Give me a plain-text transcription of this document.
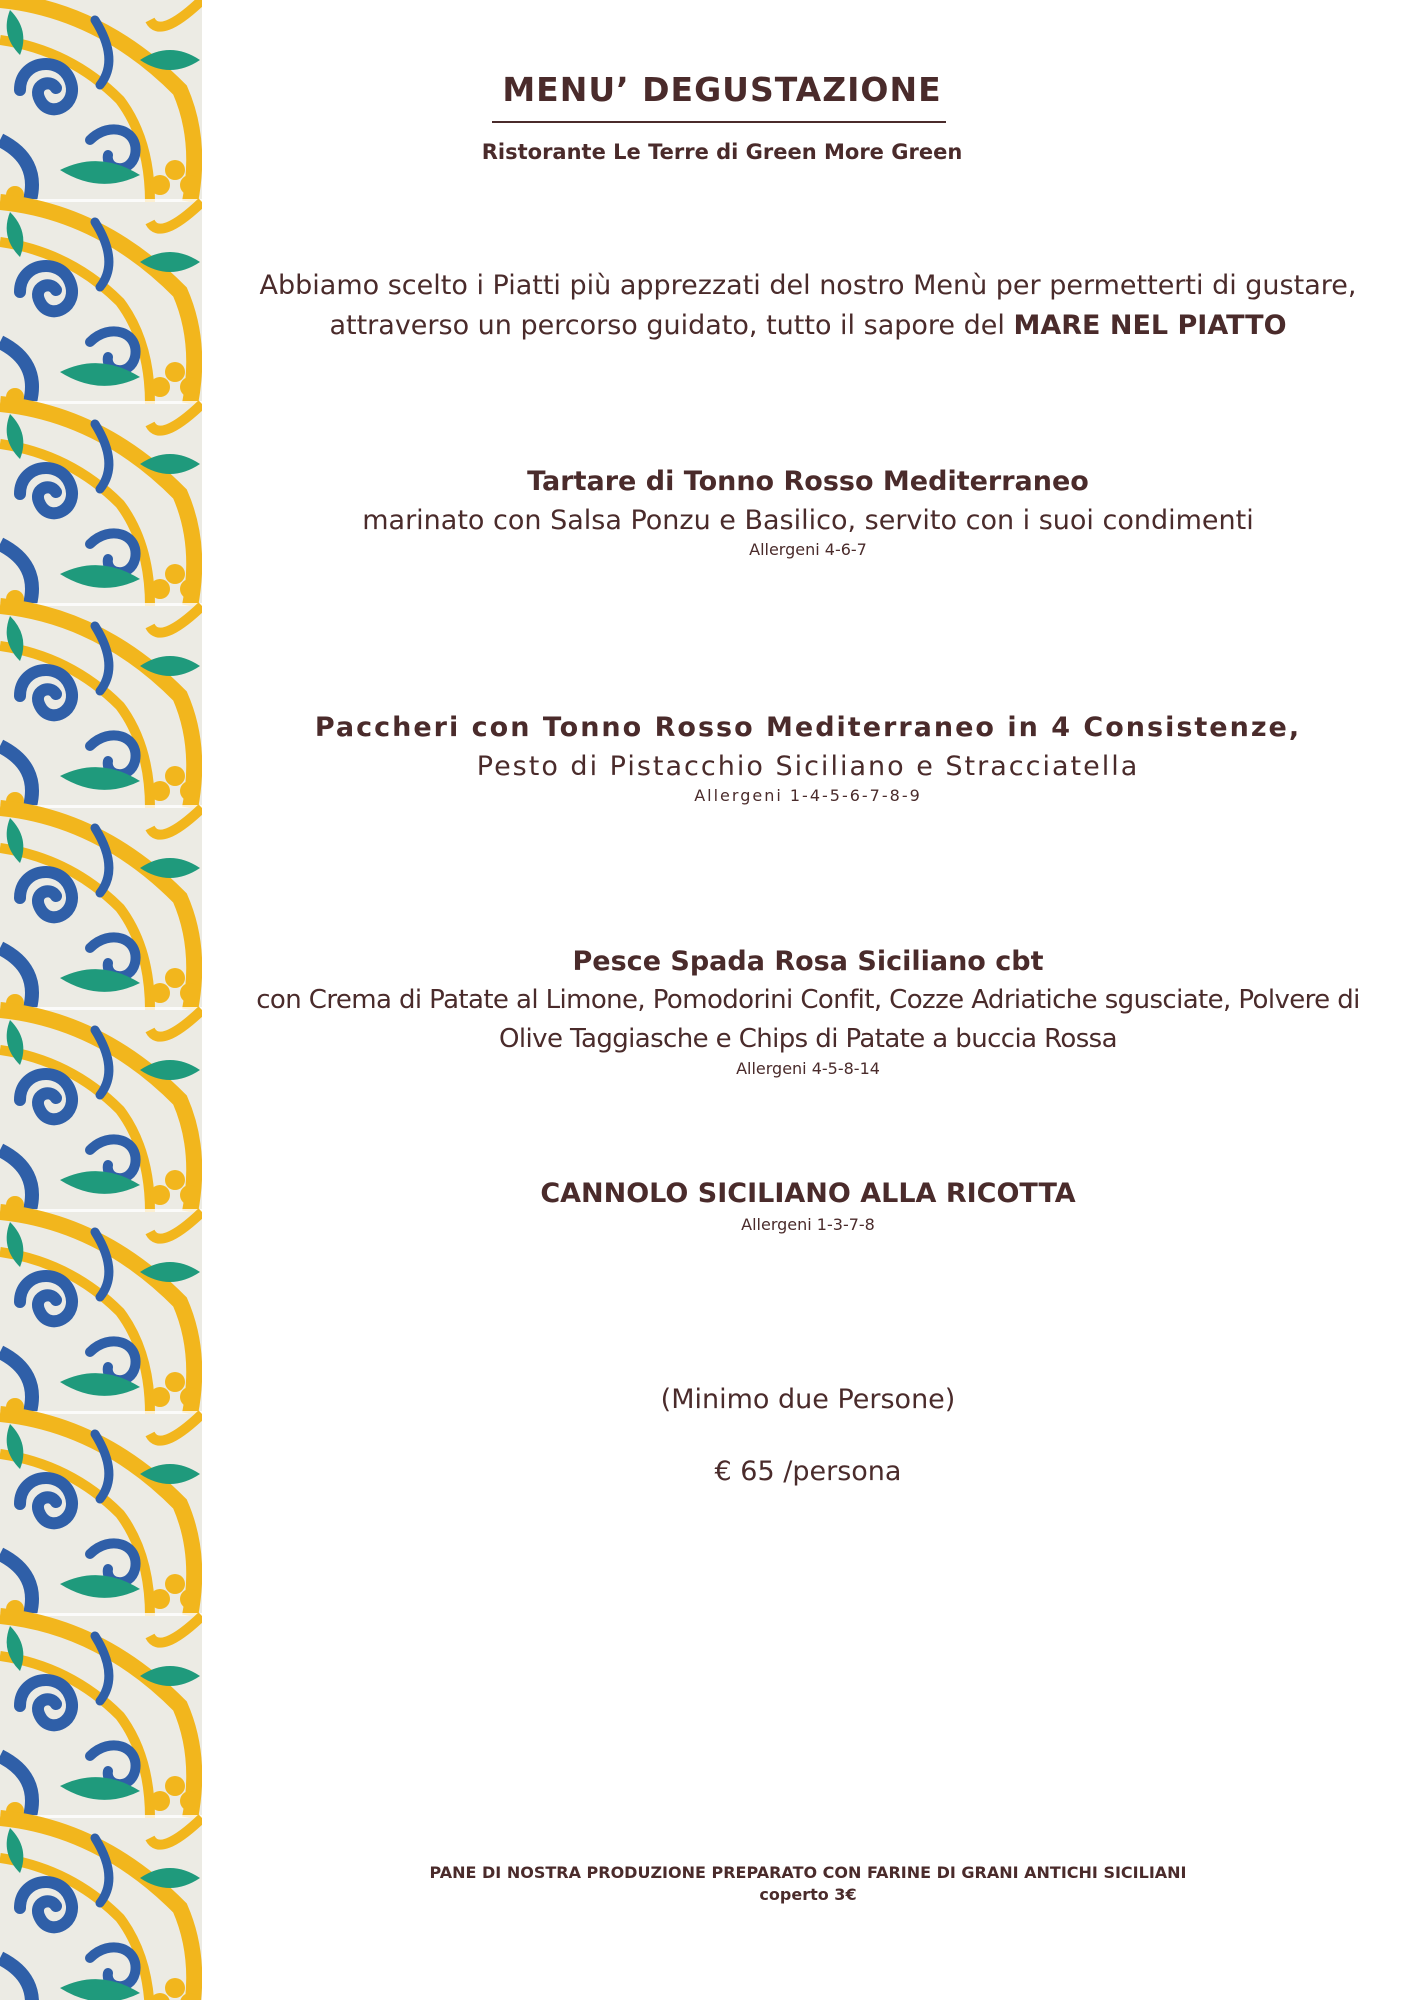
MENU’ DEGUSTAZIONE
Ristorante Le Terre di Green More Green
Abbiamo scelto i Piatti più apprezzati del nostro Menù per permetterti di gustare,
attraverso un percorso guidato, tutto il sapore del MARE NEL PIATTO
Tartare di Tonno Rosso Mediterraneo
marinato con Salsa Ponzu e Basilico, servito con i suoi condimenti
Allergeni 4-6-7
Paccheri con Tonno Rosso Mediterraneo in 4 Consistenze,
Pesto di Pistacchio Siciliano e Stracciatella
Allergeni 1-4-5-6-7-8-9
Pesce Spada Rosa Siciliano cbt
con Crema di Patate al Limone, Pomodorini Confit, Cozze Adriatiche sgusciate, Polvere di
Olive Taggiasche e Chips di Patate a buccia Rossa
Allergeni 4-5-8-14
CANNOLO SICILIANO ALLA RICOTTA
Allergeni 1-3-7-8
(Minimo due Persone)
€ 65 /persona
PANE DI NOSTRA PRODUZIONE PREPARATO CON FARINE DI GRANI ANTICHI SICILIANI
coperto 3€
